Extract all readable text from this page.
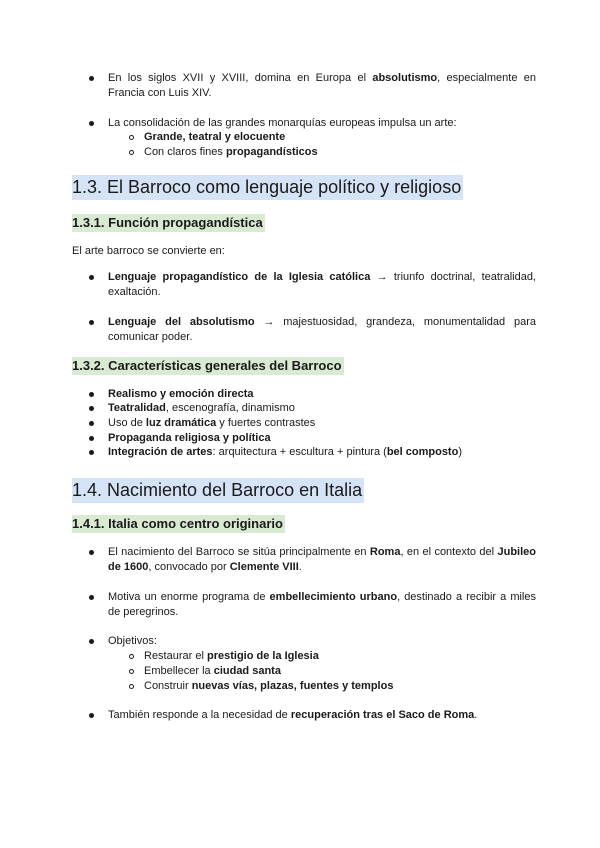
En los siglos XVII y XVIII, domina en Europa el absolutismo, especialmente en Francia con Luis XIV.
La consolidación de las grandes monarquías europeas impulsa un arte:
Grande, teatral y elocuente
Con claros fines propagandísticos
1.3. El Barroco como lenguaje político y religioso
1.3.1. Función propagandística
El arte barroco se convierte en:
Lenguaje propagandístico de la Iglesia católica → triunfo doctrinal, teatralidad, exaltación.
Lenguaje del absolutismo → majestuosidad, grandeza, monumentalidad para comunicar poder.
1.3.2. Características generales del Barroco
Realismo y emoción directa
Teatralidad, escenografía, dinamismo
Uso de luz dramática y fuertes contrastes
Propaganda religiosa y política
Integración de artes: arquitectura + escultura + pintura (bel composto)
1.4. Nacimiento del Barroco en Italia
1.4.1. Italia como centro originario
El nacimiento del Barroco se sitúa principalmente en Roma, en el contexto del Jubileo de 1600, convocado por Clemente VIII.
Motiva un enorme programa de embellecimiento urbano, destinado a recibir a miles de peregrinos.
Objetivos:
Restaurar el prestigio de la Iglesia
Embellecer la ciudad santa
Construir nuevas vías, plazas, fuentes y templos
También responde a la necesidad de recuperación tras el Saco de Roma.
